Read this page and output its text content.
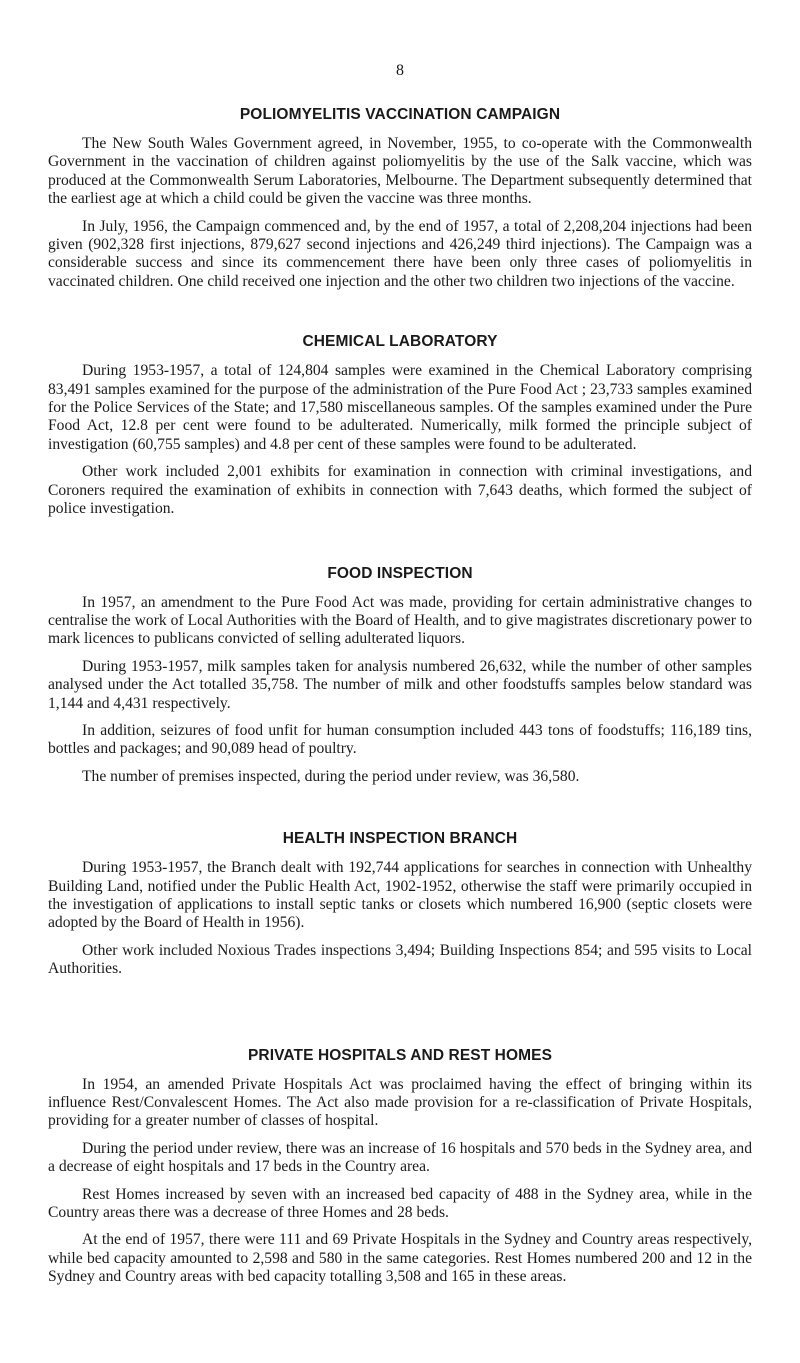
8
POLIOMYELITIS VACCINATION CAMPAIGN

The New South Wales Government agreed, in November, 1955, to co-operate with the Commonwealth Government in the vaccination of children against poliomyelitis by the use of the Salk vaccine, which was produced at the Commonwealth Serum Laboratories, Melbourne. The Department subsequently determined that the earliest age at which a child could be given the vaccine was three months.

In July, 1956, the Campaign commenced and, by the end of 1957, a total of 2,208,204 injections had been given (902,328 first injections, 879,627 second injections and 426,249 third injections). The Campaign was a considerable success and since its commencement there have been only three cases of poliomyelitis in vaccinated children. One child received one injection and the other two children two injections of the vaccine.

CHEMICAL LABORATORY

During 1953-1957, a total of 124,804 samples were examined in the Chemical Laboratory comprising 83,491 samples examined for the purpose of the administration of the Pure Food Act ; 23,733 samples examined for the Police Services of the State; and 17,580 miscellaneous samples. Of the samples examined under the Pure Food Act, 12.8 per cent were found to be adulterated. Numerically, milk formed the principle subject of investigation (60,755 samples) and 4.8 per cent of these samples were found to be adulterated.

Other work included 2,001 exhibits for examination in connection with criminal investigations, and Coroners required the examination of exhibits in connection with 7,643 deaths, which formed the subject of police investigation.

FOOD INSPECTION

In 1957, an amendment to the Pure Food Act was made, providing for certain administrative changes to centralise the work of Local Authorities with the Board of Health, and to give magistrates discretionary power to mark licences to publicans convicted of selling adulterated liquors.

During 1953-1957, milk samples taken for analysis numbered 26,632, while the number of other samples analysed under the Act totalled 35,758. The number of milk and other foodstuffs samples below standard was 1,144 and 4,431 respectively.

In addition, seizures of food unfit for human consumption included 443 tons of foodstuffs; 116,189 tins, bottles and packages; and 90,089 head of poultry.

The number of premises inspected, during the period under review, was 36,580.

HEALTH INSPECTION BRANCH

During 1953-1957, the Branch dealt with 192,744 applications for searches in connection with Unhealthy Building Land, notified under the Public Health Act, 1902-1952, otherwise the staff were primarily occupied in the investigation of applications to install septic tanks or closets which numbered 16,900 (septic closets were adopted by the Board of Health in 1956).

Other work included Noxious Trades inspections 3,494; Building Inspections 854; and 595 visits to Local Authorities.

PRIVATE HOSPITALS AND REST HOMES

In 1954, an amended Private Hospitals Act was proclaimed having the effect of bringing within its influence Rest/Convalescent Homes. The Act also made provision for a re-classification of Private Hospitals, providing for a greater number of classes of hospital.

During the period under review, there was an increase of 16 hospitals and 570 beds in the Sydney area, and a decrease of eight hospitals and 17 beds in the Country area.

Rest Homes increased by seven with an increased bed capacity of 488 in the Sydney area, while in the Country areas there was a decrease of three Homes and 28 beds.

At the end of 1957, there were 111 and 69 Private Hospitals in the Sydney and Country areas respectively, while bed capacity amounted to 2,598 and 580 in the same categories. Rest Homes numbered 200 and 12 in the Sydney and Country areas with bed capacity totalling 3,508 and 165 in these areas.
